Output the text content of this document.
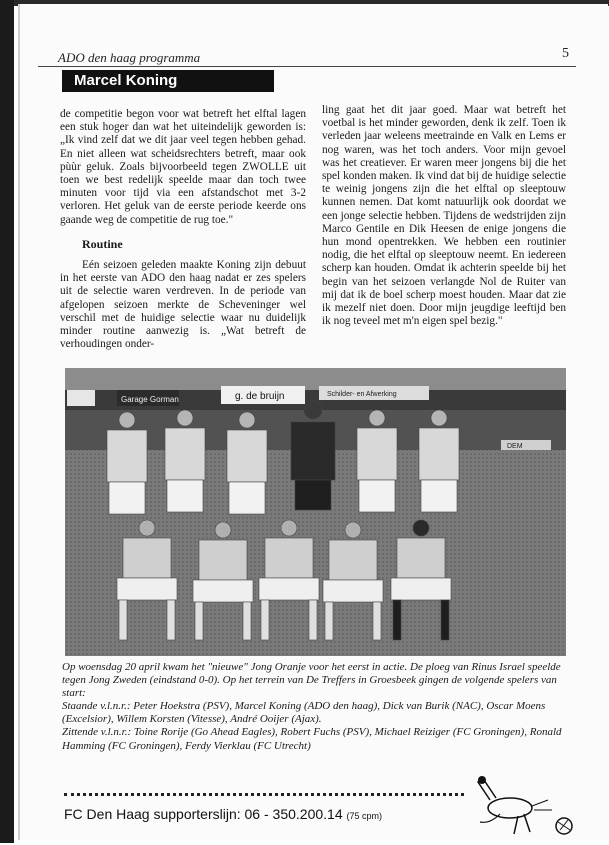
ADO den haag programma	5
Marcel Koning

de competitie begon voor wat betreft het elftal lagen een stuk hoger dan wat het uiteindelijk geworden is: „Ik vind zelf dat we dit jaar veel tegen hebben gehad. En niet alleen wat scheidsrechters betreft, maar ook pùùr geluk. Zoals bijvoorbeeld tegen ZWOLLE uit toen we best redelijk speelde maar dan toch twee minuten voor tijd via een afstandschot met 3-2 verloren. Het geluk van de eerste periode keerde ons gaande weg de competitie de rug toe."

Routine

Eén seizoen geleden maakte Koning zijn debuut in het eerste van ADO den haag nadat er zes spelers uit de selectie waren verdreven. In de periode van afgelopen seizoen merkte de Scheveninger wel verschil met de huidige selectie waar nu duidelijk minder routine aanwezig is. „Wat betreft de verhoudingen onder-

ling gaat het dit jaar goed. Maar wat betreft het voetbal is het minder geworden, denk ik zelf. Toen ik verleden jaar weleens meetrainde en Valk en Lems er nog waren, was het toch anders. Voor mijn gevoel was het creatiever. Er waren meer jongens bij die het spel konden maken. Ik vind dat bij de huidige selectie te weinig jongens zijn die het elftal op sleeptouw kunnen nemen. Dat komt natuurlijk ook doordat we een jonge selectie hebben. Tijdens de wedstrijden zijn Marco Gentile en Dik Heesen de enige jongens die hun mond opentrekken. We hebben een routinier nodig, die het elftal op sleeptouw neemt. En iedereen scherp kan houden. Omdat ik achterin speelde bij het begin van het seizoen verlangde Nol de Ruiter van mij dat ik de boel scherp moest houden. Maar dat zie ik mezelf niet doen. Door mijn jeugdige leeftijd ben ik nog teveel met m'n eigen spel bezig."

Garage Gorman	g. de bruijn	Schilder- en Afwerking
DEM

Op woensdag 20 april kwam het "nieuwe" Jong Oranje voor het eerst in actie. De ploeg van Rinus Israel speelde tegen Jong Zweden (eindstand 0-0). Op het terrein van De Treffers in Groesbeek gingen de volgende spelers van start:

Staande v.l.n.r.: Peter Hoekstra (PSV), Marcel Koning (ADO den haag), Dick van Burik (NAC), Oscar Moens (Excelsior), Willem Korsten (Vitesse), André Ooijer (Ajax).

Zittende v.l.n.r.: Toine Rorije (Go Ahead Eagles), Robert Fuchs (PSV), Michael Reiziger (FC Groningen), Ronald Hamming (FC Groningen), Ferdy Vierklau (FC Utrecht)

FC Den Haag supporterslijn: 06 - 350.200.14 (75 cpm)
